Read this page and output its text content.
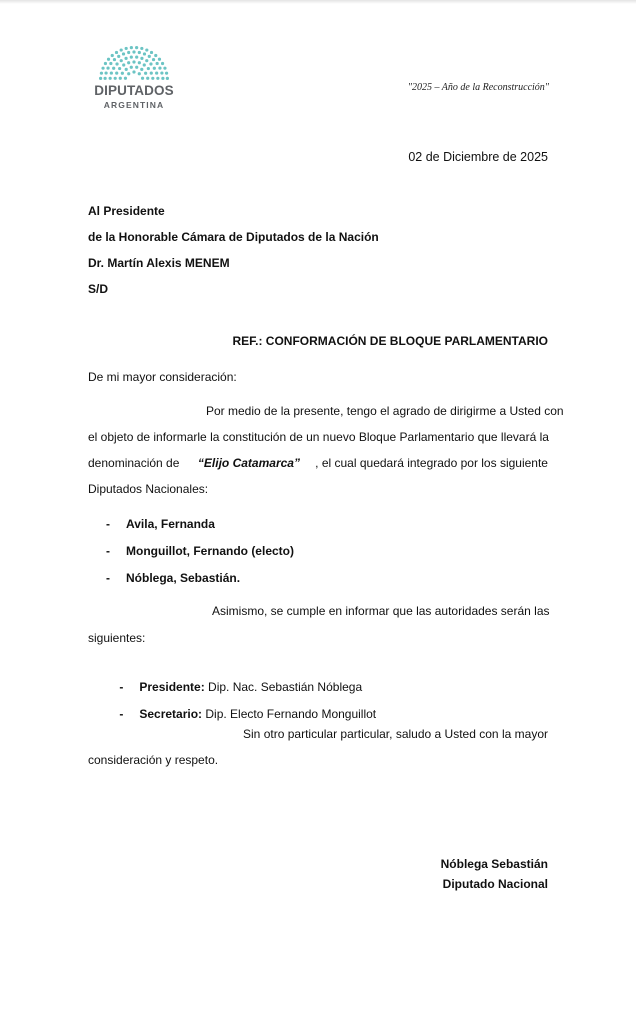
DIPUTADOS
ARGENTINA
"2025 – Año de la Reconstrucción"
02 de Diciembre de 2025
Al Presidente
de la Honorable Cámara de Diputados de la Nación
Dr. Martín Alexis MENEM
S/D
REF.: CONFORMACIÓN DE BLOQUE PARLAMENTARIO
De mi mayor consideración:
Por medio de la presente, tengo el agrado de dirigirme a Usted con
el objeto de informarle la constitución de un nuevo Bloque Parlamentario que llevará la
denominación de “Elijo Catamarca” , el cual quedará integrado por los siguiente
Diputados Nacionales:
- Avila, Fernanda
- Monguillot, Fernando (electo)
- Nóblega, Sebastián.
Asimismo, se cumple en informar que las autoridades serán las
siguientes:

- Presidente: Dip. Nac. Sebastián Nóblega

- Secretario: Dip. Electo Fernando Monguillot

Sin otro particular particular, saludo a Usted con la mayor
consideración y respeto.
Nóblega Sebastián
Diputado Nacional
